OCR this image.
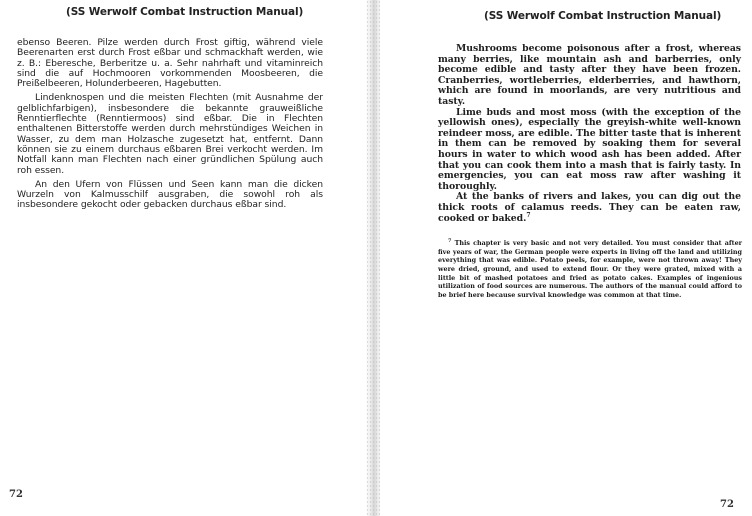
(SS Werwolf Combat Instruction Manual)

ebenso Beeren. Pilze werden durch Frost giftig, während viele Beerenarten erst durch Frost eßbar und schmackhaft werden, wie z. B.: Eberesche, Berberitze u. a. Sehr nahrhaft und vitaminreich sind die auf Hochmooren vorkommenden Moosbeeren, die Preißelbeeren, Holunderbeeren, Hagebutten.

Lindenknospen und die meisten Flechten (mit Ausnahme der gelblichfarbigen), insbesondere die bekannte grauweißliche Renntierflechte (Renntiermoos) sind eßbar. Die in Flechten enthaltenen Bitterstoffe werden durch mehrstündiges Weichen in Wasser, zu dem man Holzasche zugesetzt hat, entfernt. Dann können sie zu einem durchaus eßbaren Brei verkocht werden. Im Notfall kann man Flechten nach einer gründlichen Spülung auch roh essen.

An den Ufern von Flüssen und Seen kann man die dicken Wurzeln von Kalmusschilf ausgraben, die sowohl roh als insbesondere gekocht oder gebacken durchaus eßbar sind.

72
(SS Werwolf Combat Instruction Manual)

Mushrooms become poisonous after a frost, whereas many berries, like mountain ash and barberries, only become edible and tasty after they have been frozen. Cranberries, wortleberries, elderberries, and hawthorn, which are found in moorlands, are very nutritious and tasty.

Lime buds and most moss (with the exception of the yellowish ones), especially the greyish-white well-known reindeer moss, are edible. The bitter taste that is inherent in them can be removed by soaking them for several hours in water to which wood ash has been added. After that you can cook them into a mash that is fairly tasty. In emergencies, you can eat moss raw after washing it thoroughly.

At the banks of rivers and lakes, you can dig out the thick roots of calamus reeds. They can be eaten raw, cooked or baked.$^7$

$^7$ This chapter is very basic and not very detailed. You must consider that after five years of war, the German people were experts in living off the land and utilizing everything that was edible. Potato peels, for example, were not thrown away! They were dried, ground, and used to extend flour. Or they were grated, mixed with a little bit of mashed potatoes and fried as potato cakes. Examples of ingenious utilization of food sources are numerous. The authors of the manual could afford to be brief here because survival knowledge was common at that time.
72
